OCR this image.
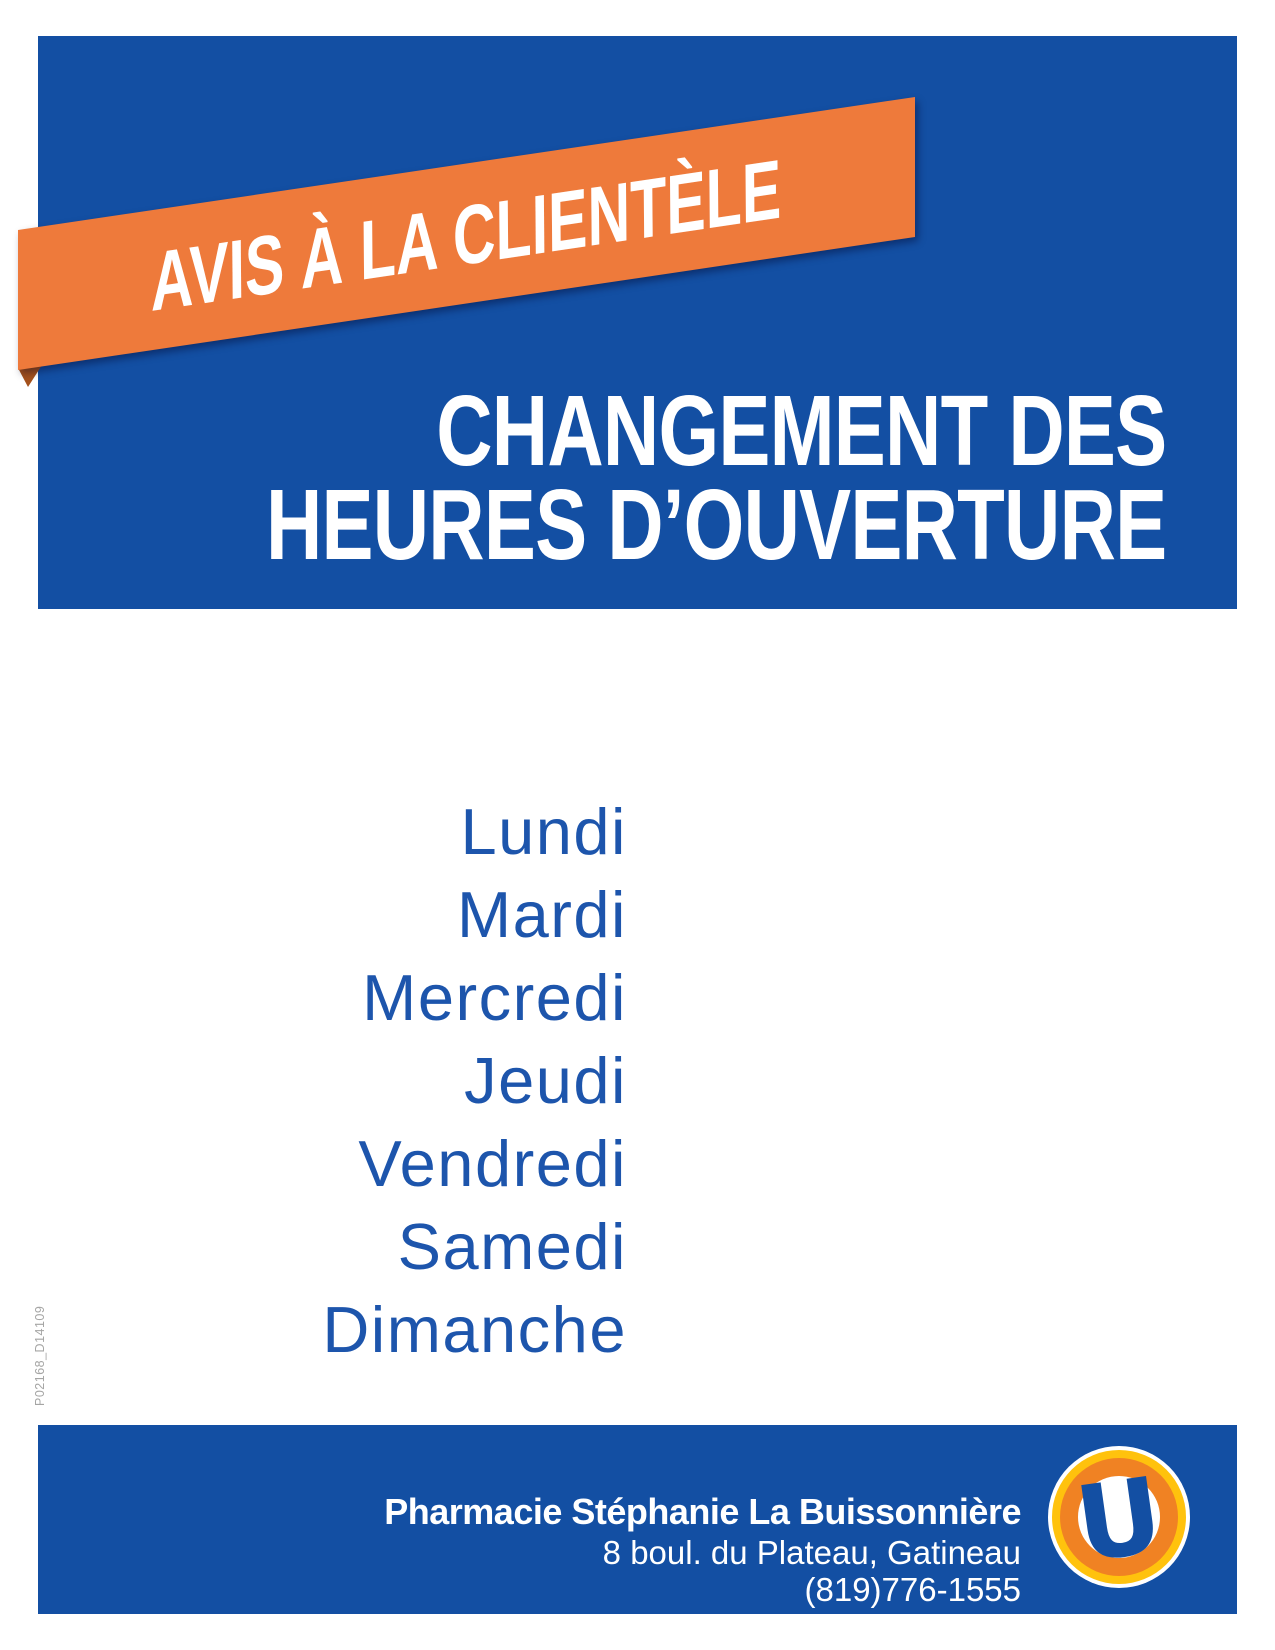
AVIS À LA CLIENTÈLE
CHANGEMENT DES
HEURES D’OUVERTURE
Lundi
Mardi
Mercredi
Jeudi
Vendredi
Samedi
Dimanche
P02168_D14109
Pharmacie Stéphanie La Buissonnière
8 boul. du Plateau, Gatineau
(819)776-1555
U
